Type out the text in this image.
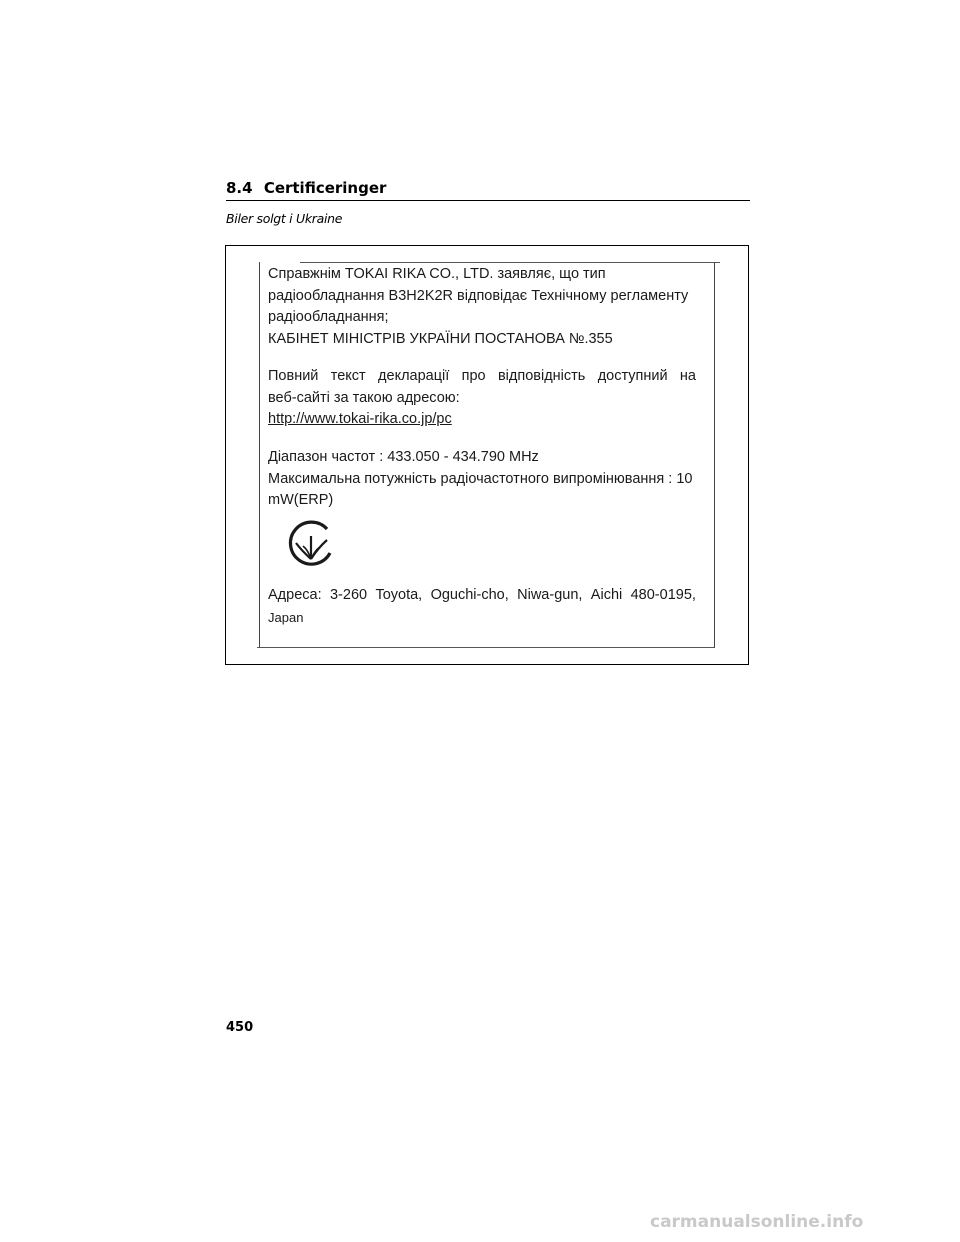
8.4 Certificeringer
Biler solgt i Ukraine

Справжнім TOKAI RIKA CO., LTD. заявляє, що тип
радіообладнання B3H2K2R відповідає Технічному регламенту
радіообладнання;
КАБІНЕТ МІНІСТРІВ УКРАЇНИ ПОСТАНОВА №.355

Повний текст декларації про відповідність доступний на
веб-сайті за такою адресою:
http://www.tokai-rika.co.jp/pc

Діапазон частот : 433.050 - 434.790 MHz
Максимальна потужність радіочастотного випромінювання : 10
mW(ERP)

Адреса: 3-260 Toyota, Oguchi-cho, Niwa-gun, Aichi 480-0195,
Japan

450
carmanualsonline.info
